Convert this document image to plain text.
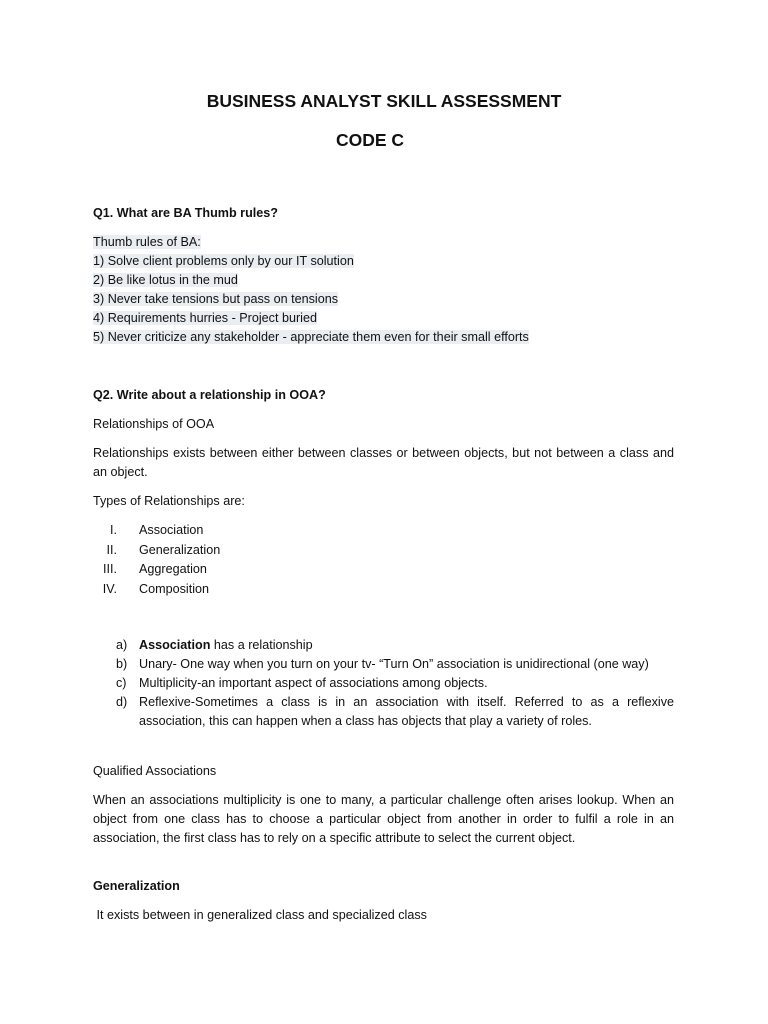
BUSINESS ANALYST SKILL ASSESSMENT
CODE C
Q1. What are BA Thumb rules?
Thumb rules of BA:
1) Solve client problems only by our IT solution
2) Be like lotus in the mud
3) Never take tensions but pass on tensions
4) Requirements hurries - Project buried
5) Never criticize any stakeholder - appreciate them even for their small efforts
Q2. Write about a relationship in OOA?
Relationships of OOA
Relationships exists between either between classes or between objects, but not between a class and an object.
Types of Relationships are:
I. Association
II. Generalization
III. Aggregation
IV. Composition
a) Association has a relationship
b) Unary- One way when you turn on your tv- “Turn On” association is unidirectional (one way)
c) Multiplicity-an important aspect of associations among objects.
d) Reflexive-Sometimes a class is in an association with itself. Referred to as a reflexive association, this can happen when a class has objects that play a variety of roles.
Qualified Associations
When an associations multiplicity is one to many, a particular challenge often arises lookup. When an object from one class has to choose a particular object from another in order to fulfil a role in an association, the first class has to rely on a specific attribute to select the current object.
Generalization
It exists between in generalized class and specialized class
